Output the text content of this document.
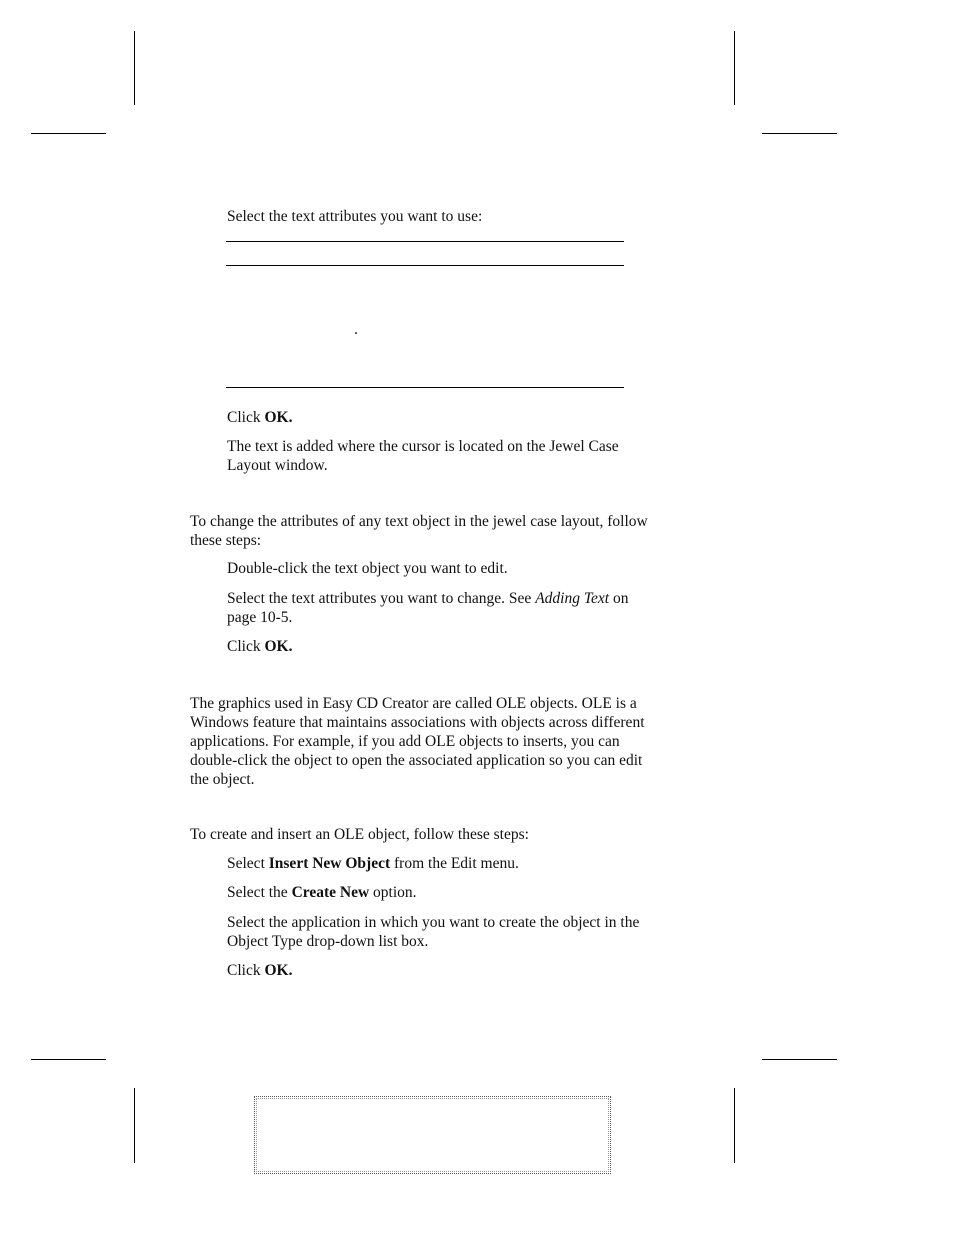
Select the text attributes you want to use:
.
Click OK.
The text is added where the cursor is located on the Jewel Case Layout window.
To change the attributes of any text object in the jewel case layout, follow these steps:
Double-click the text object you want to edit.
Select the text attributes you want to change. See Adding Text on page 10-5.
Click OK.
The graphics used in Easy CD Creator are called OLE objects. OLE is a Windows feature that maintains associations with objects across different applications. For example, if you add OLE objects to inserts, you can double-click the object to open the associated application so you can edit the object.
To create and insert an OLE object, follow these steps:
Select Insert New Object from the Edit menu.
Select the Create New option.
Select the application in which you want to create the object in the Object Type drop-down list box.
Click OK.
